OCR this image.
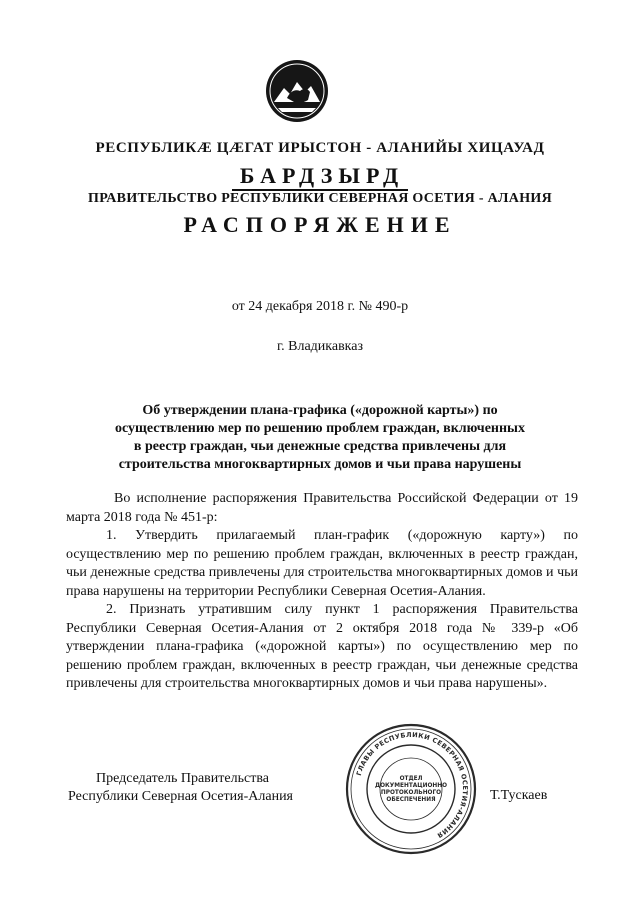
РЕСПУБЛИКÆ ЦÆГАТ ИРЫСТОН - АЛАНИЙЫ ХИЦАУАД
БАРДЗЫРД
ПРАВИТЕЛЬСТВО РЕСПУБЛИКИ СЕВЕРНАЯ ОСЕТИЯ - АЛАНИЯ
РАСПОРЯЖЕНИЕ
от 24 декабря 2018 г. № 490-р
г. Владикавказ
Об утверждении плана-графика («дорожной карты») по
осуществлению мер по решению проблем граждан, включенных
в реестр граждан, чьи денежные средства привлечены для
строительства многоквартирных домов и чьи права нарушены

Во исполнение распоряжения Правительства Российской Федерации от 19 марта 2018 года № 451-р:

1. Утвердить прилагаемый план-график («дорожную карту») по осуществлению мер по решению проблем граждан, включенных в реестр граждан, чьи денежные средства привлечены для строительства многоквартирных домов и чьи права нарушены на территории Республики Северная Осетия-Алания.

2. Признать утратившим силу пункт 1 распоряжения Правительства Республики Северная Осетия-Алания от 2 октября 2018 года № 339-р «Об утверждении плана-графика («дорожной карты») по осуществлению мер по решению проблем граждан, включенных в реестр граждан, чьи денежные средства привлечены для строительства многоквартирных домов и чьи права нарушены».

Председатель Правительства
Республики Северная Осетия-Алания	Т.Тускаев
ГЛАВЫ РЕСПУБЛИКИ СЕВЕРНАЯ ОСЕТИЯ-АЛАНИЯ
ОТДЕЛ
ДОКУМЕНТАЦИОННО
ПРОТОКОЛЬНОГО
ОБЕСПЕЧЕНИЯ
